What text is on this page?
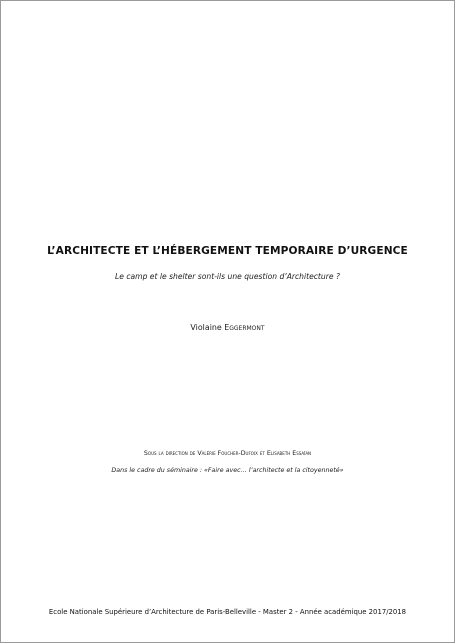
L’ARCHITECTE ET L’HÉBERGEMENT TEMPORAIRE D’URGENCE
Le camp et le shelter sont-ils une question d’Architecture ?
Violaine Eggermont
Sous la direction de Valérie Foucher-Dufoix et Elisabeth Essaïan
Dans le cadre du séminaire : «Faire avec… l’architecte et la citoyenneté»
Ecole Nationale Supérieure d’Architecture de Paris-Belleville - Master 2 - Année académique 2017/2018
